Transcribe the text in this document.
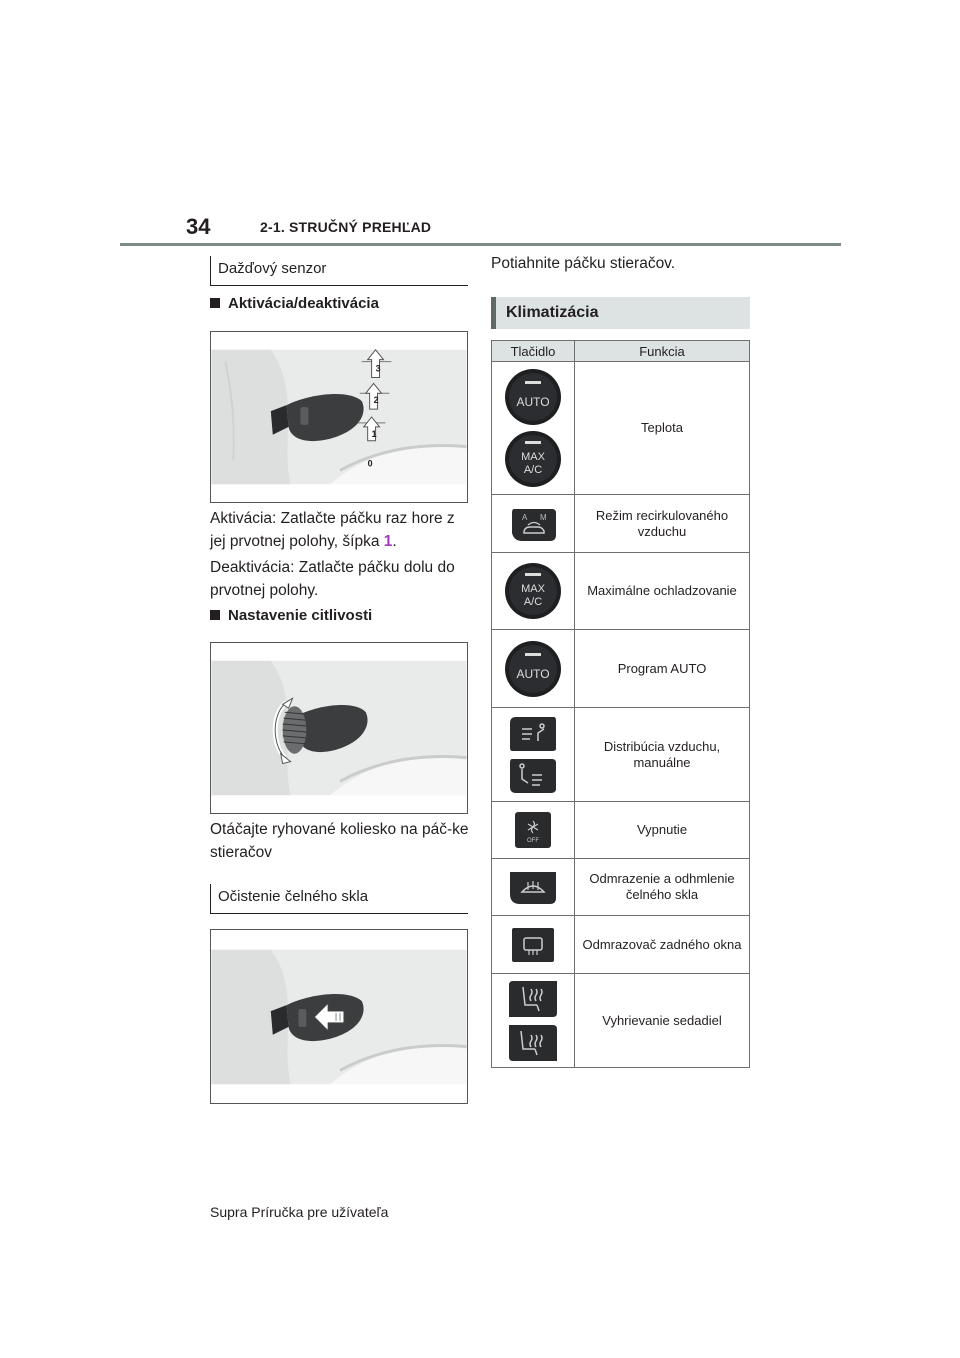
34	2-1. STRUČNÝ PREHĽAD
Dažďový senzor
Aktivácia/deaktivácia
3
2
1
0
Aktivácia: Zatlačte páčku raz hore z jej prvotnej polohy, šípka 1.
Deaktivácia: Zatlačte páčku dolu do prvotnej polohy.
Nastavenie citlivosti
Otáčajte ryhované koliesko na páč-ke stieračov
Očistenie čelného skla
Potiahnite páčku stieračov.
Klimatizácia
Tlačidlo	Funkcia

AUTO
MAX
A/C	Teplota

A M	Režim recirkulovaného vzduchu

MAX
A/C	Maximálne ochladzovanie

AUTO	Program AUTO

	Distribúcia vzduchu, manuálne

OFF	Vypnutie

	Odmrazenie a odhmlenie čelného skla

	Odmrazovač zadného okna

	Vyhrievanie sedadiel
Supra Príručka pre užívateľa
